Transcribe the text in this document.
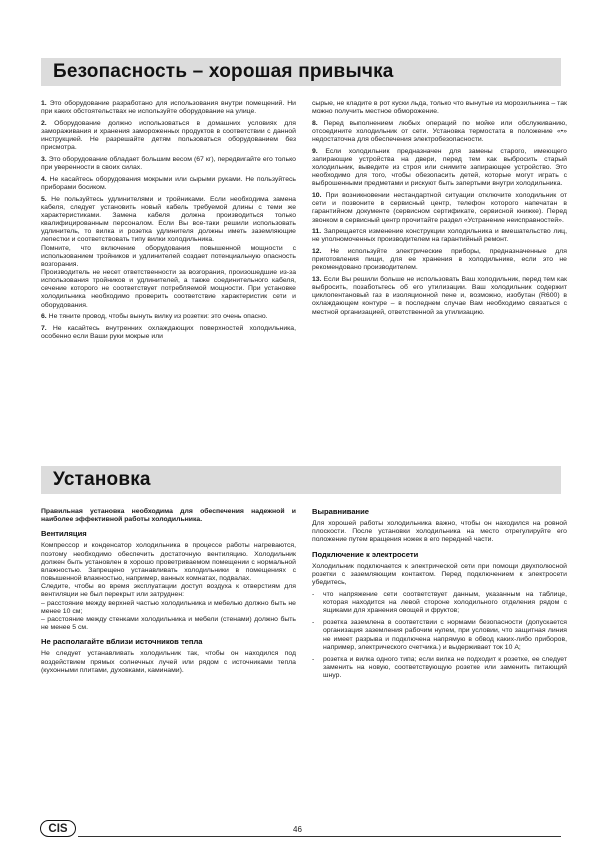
Безопасность – хорошая привычка

1. Это оборудование разработано для использования внутри помещений. Ни при каких обстоятельствах не используйте оборудование на улице.

2. Оборудование должно использоваться в домашних условиях для замораживания и хранения замороженных продуктов в соответствии с данной инструкцией. Не разрешайте детям пользоваться оборудованием без присмотра.

3. Это оборудование обладает большим весом (67 кг), передвигайте его только при уверенности в своих силах.

4. Не касайтесь оборудования мокрыми или сырыми руками. Не пользуйтесь приборами босиком.

5. Не пользуйтесь удлинителями и тройниками. Если необходима замена кабеля, следует установить новый кабель требуемой длины с теми же характеристиками. Замена кабеля должна производиться только квалифицированным персоналом. Если Вы все-таки решили использовать удлинитель, то вилка и розетка удлинителя должны иметь заземляющие лепестки и соответствовать типу вилки холодильника.

Помните, что включение оборудования повышенной мощности с использованием тройников и удлинителей создает потенциальную опасность возгорания.

Производитель не несет ответственности за возгорания, произошедшие из-за использования тройников и удлинителей, а также соединительного кабеля, сечение которого не соответствует потребляемой мощности. При установке холодильника необходимо проверить соответствие характеристик сети и оборудования.

6. Не тяните провод, чтобы вынуть вилку из розетки: это очень опасно.

7. Не касайтесь внутренних охлаждающих поверхностей холодильника, особенно если Ваши руки мокрые или

сырые, не кладите в рот куски льда, только что вынутые из морозильника – так можно получить местное обморожение.

8. Перед выполнением любых операций по мойке или обслуживанию, отсоедините холодильник от сети. Установка термостата в положение «•» недостаточна для обеспечения электробезопасности.

9. Если холодильник предназначен для замены старого, имеющего запирающие устройства на двери, перед тем как выбросить старый холодильник, выведите из строя или снимите запирающее устройство. Это необходимо для того, чтобы обезопасить детей, которые могут играть с выброшенными предметами и рискуют быть запертыми внутри холодильника.

10. При возникновении нестандартной ситуации отключите холодильник от сети и позвоните в сервисный центр, телефон которого напечатан в гарантийном документе (сервисном сертификате, сервисной книжке). Перед звонком в сервисный центр прочитайте раздел «Устранение неисправностей».

11. Запрещается изменение конструкции холодильника и вмешательство лиц, не уполномоченных производителем на гарантийный ремонт.

12. Не используйте электрические приборы, предназначенные для приготовления пищи, для ее хранения в холодильнике, если это не рекомендовано производителем.

13. Если Вы решили больше не использовать Ваш холодильник, перед тем как выбросить, позаботьтесь об его утилизации. Ваш холодильник содержит циклопентановый газ в изоляционной пене и, возможно, изобутан (R600) в охлаждающем контуре – в последнем случае Вам необходимо связаться с местной организацией, ответственной за утилизацию.

Установка

Правильная установка необходима для обеспечения надежной и наиболее эффективной работы холодильника.

Вентиляция

Компрессор и конденсатор холодильника в процессе работы нагреваются, поэтому необходимо обеспечить достаточную вентиляцию. Холодильник должен быть установлен в хорошо проветриваемом помещении с нормальной влажностью. Запрещено устанавливать холодильники в помещениях с повышенной влажностью, например, ванных комнатах, подвалах.

Следите, чтобы во время эксплуатации доступ воздуха к отверстиям для вентиляции не был перекрыт или затруднен:

– расстояние между верхней частью холодильника и мебелью должно быть не менее 10 см;

– расстояние между стенками холодильника и мебели (стенами) должно быть не менее 5 см.

Не располагайте вблизи источников тепла

Не следует устанавливать холодильник так, чтобы он находился под воздействием прямых солнечных лучей или рядом с источниками тепла (кухонными плитами, духовками, каминами).

Выравнивание

Для хорошей работы холодильника важно, чтобы он находился на ровной плоскости. После установки холодильника на место отрегулируйте его положение путем вращения ножек в его передней части.

Подключение к электросети

Холодильник подключается к электрической сети при помощи двухполюсной розетки с заземляющим контактом. Перед подключением к электросети убедитесь,

- что напряжение сети соответствует данным, указанным на таблице, которая находится на левой стороне холодильного отделения рядом с ящиками для хранения овощей и фруктов;
- розетка заземлена в соответствии с нормами безопасности (допускается организация заземления рабочим нулем, при условии, что защитная линия не имеет разрыва и подключена напрямую в обвод каких-либо приборов, например, электрического счетчика.) и выдерживает ток 10 А;
- розетка и вилка одного типа; если вилка не подходит к розетке, ее следует заменить на новую, соответствующую розетке или заменить питающий шнур.
CIS	46
